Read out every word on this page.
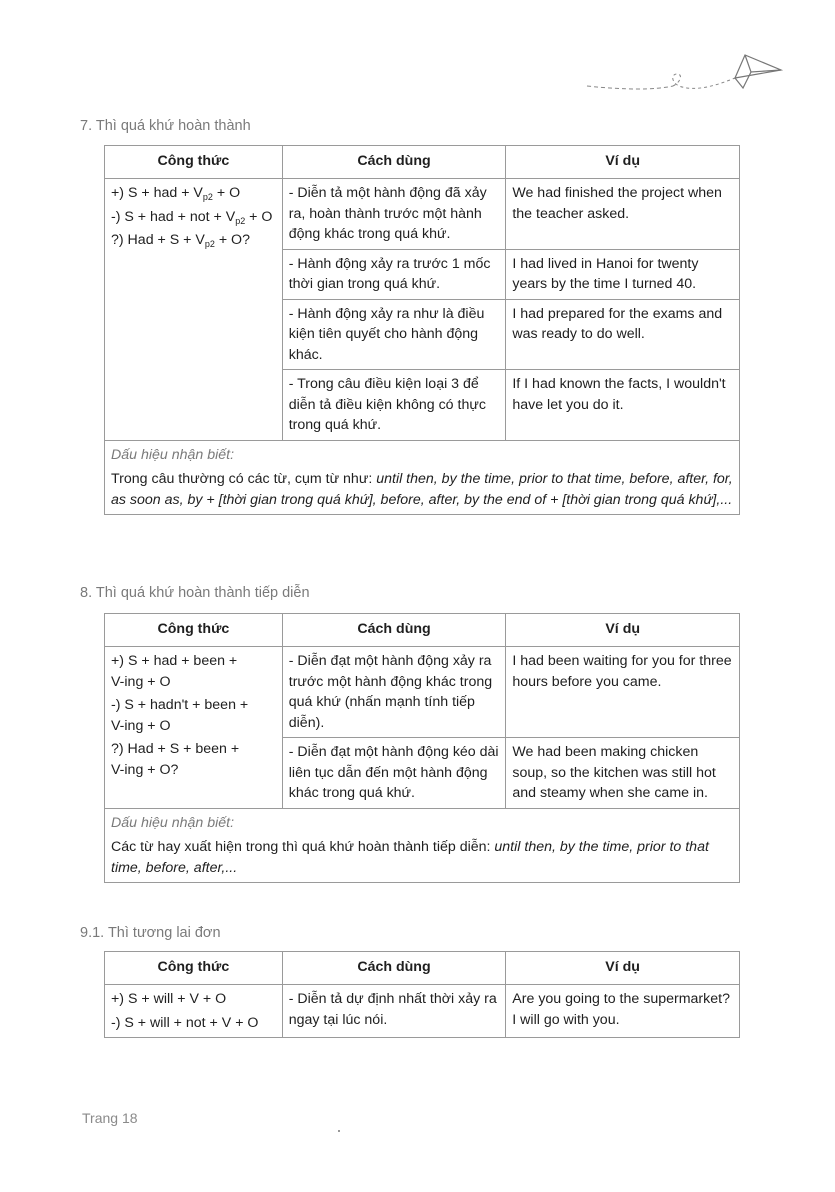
7. Thì quá khứ hoàn thành
Công thức	Cách dùng	Ví dụ

+) S + had + $V_{p2} + O$
-) S + had + not + $V_{p2} + O$
?) Had + $S + V_{p2} + O$?	- Diễn tả một hành động đã xảy ra, hoàn thành trước một hành động khác trong quá khứ.	We had finished the project when the teacher asked.
	- Hành động xảy ra trước 1 mốc thời gian trong quá khứ.	I had lived in Hanoi for twenty years by the time I turned 40.
	- Hành động xảy ra như là điều kiện tiên quyết cho hành động khác.	I had prepared for the exams and was ready to do well.
	- Trong câu điều kiện loại 3 để diễn tả điều kiện không có thực trong quá khứ.	If I had known the facts, I wouldn't have let you do it.

Dấu hiệu nhận biết:
Trong câu thường có các từ, cụm từ như: until then, by the time, prior to that time, before, after, for, as soon as, by + [thời gian trong quá khứ], before, after, by the end of + [thời gian trong quá khứ],...		
8. Thì quá khứ hoàn thành tiếp diễn
Công thức	Cách dùng	Ví dụ

+) S + had + been + V-ing + O
-) S + hadn't + been + V-ing + O
?) Had + S + been + V-ing + O?	- Diễn đạt một hành động xảy ra trước một hành động khác trong quá khứ (nhấn mạnh tính tiếp diễn).	I had been waiting for you for three hours before you came.
	- Diễn đạt một hành động kéo dài liên tục dẫn đến một hành động khác trong quá khứ.	We had been making chicken soup, so the kitchen was still hot and steamy when she came in.

Dấu hiệu nhận biết:
Các từ hay xuất hiện trong thì quá khứ hoàn thành tiếp diễn: until then, by the time, prior to that time, before, after,...		
9.1. Thì tương lai đơn
Công thức	Cách dùng	Ví dụ

+) S + will + V + O
-) S + will + not + V + O	- Diễn tả dự định nhất thời xảy ra ngay tại lúc nói.	Are you going to the supermarket? I will go with you.
Trang 18
